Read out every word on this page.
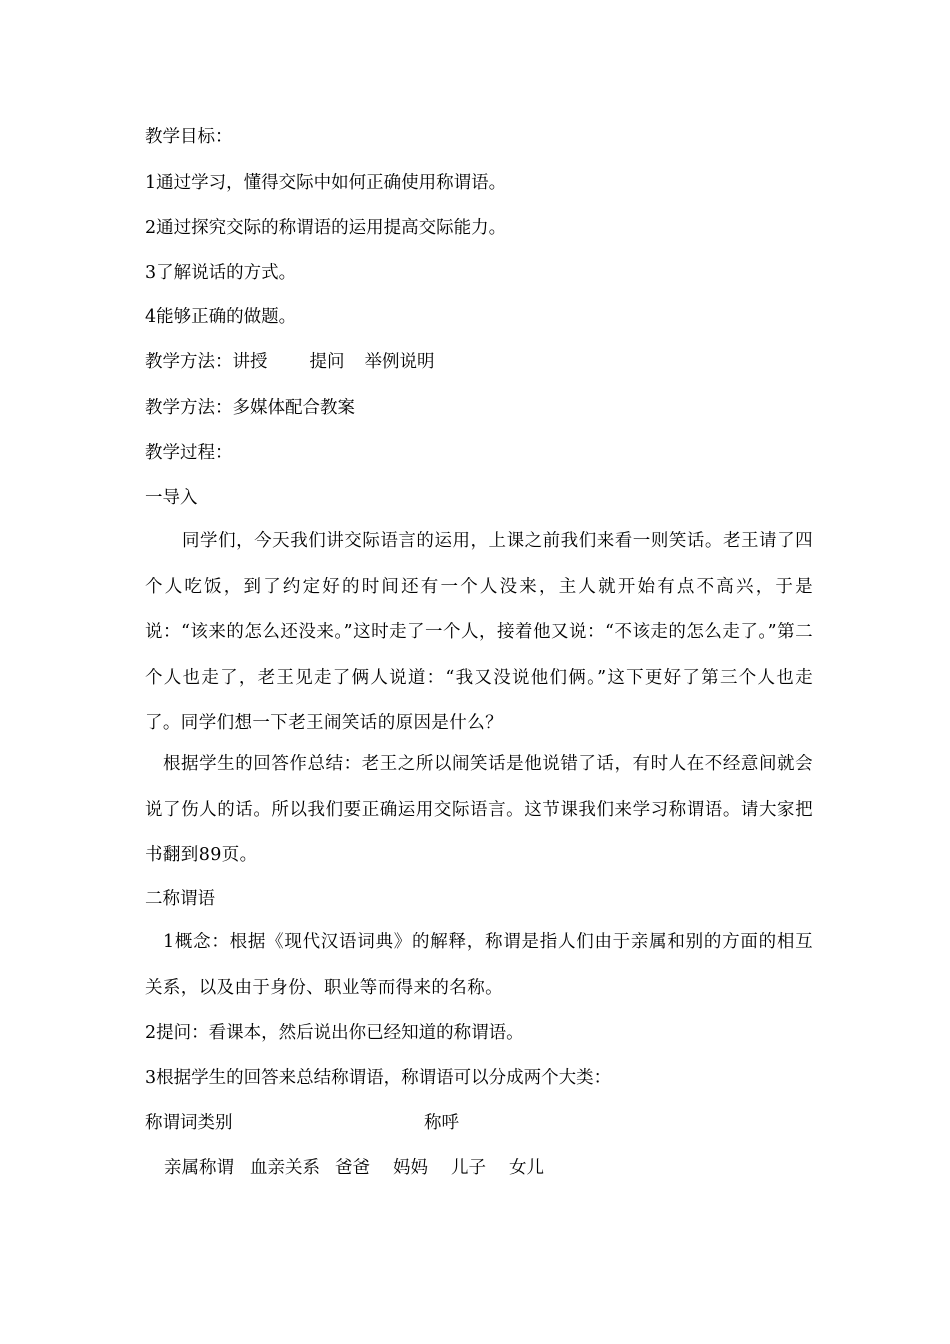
教学目标：
1通过学习，懂得交际中如何正确使用称谓语。
2通过探究交际的称谓语的运用提高交际能力。
3了解说话的方式。
4能够正确的做题。
教学方法：讲授 提问 举例说明
教学方法：多媒体配合教案
教学过程：
一导入
同学们，今天我们讲交际语言的运用，上课之前我们来看一则笑话。老王请了四个人吃饭，到了约定好的时间还有一个人没来，主人就开始有点不高兴，于是说：“该来的怎么还没来。”这时走了一个人，接着他又说：“不该走的怎么走了。”第二个人也走了，老王见走了俩人说道：“我又没说他们俩。”这下更好了第三个人也走了。同学们想一下老王闹笑话的原因是什么？
根据学生的回答作总结：老王之所以闹笑话是他说错了话，有时人在不经意间就会说了伤人的话。所以我们要正确运用交际语言。这节课我们来学习称谓语。请大家把书翻到89页。
二称谓语
1概念：根据《现代汉语词典》的解释，称谓是指人们由于亲属和别的方面的相互关系，以及由于身份、职业等而得来的名称。
2提问：看课本，然后说出你已经知道的称谓语。
3根据学生的回答来总结称谓语，称谓语可以分成两个大类：
称谓词类别	称呼
亲属称谓 血亲关系 爸爸 妈妈 儿子 女儿
